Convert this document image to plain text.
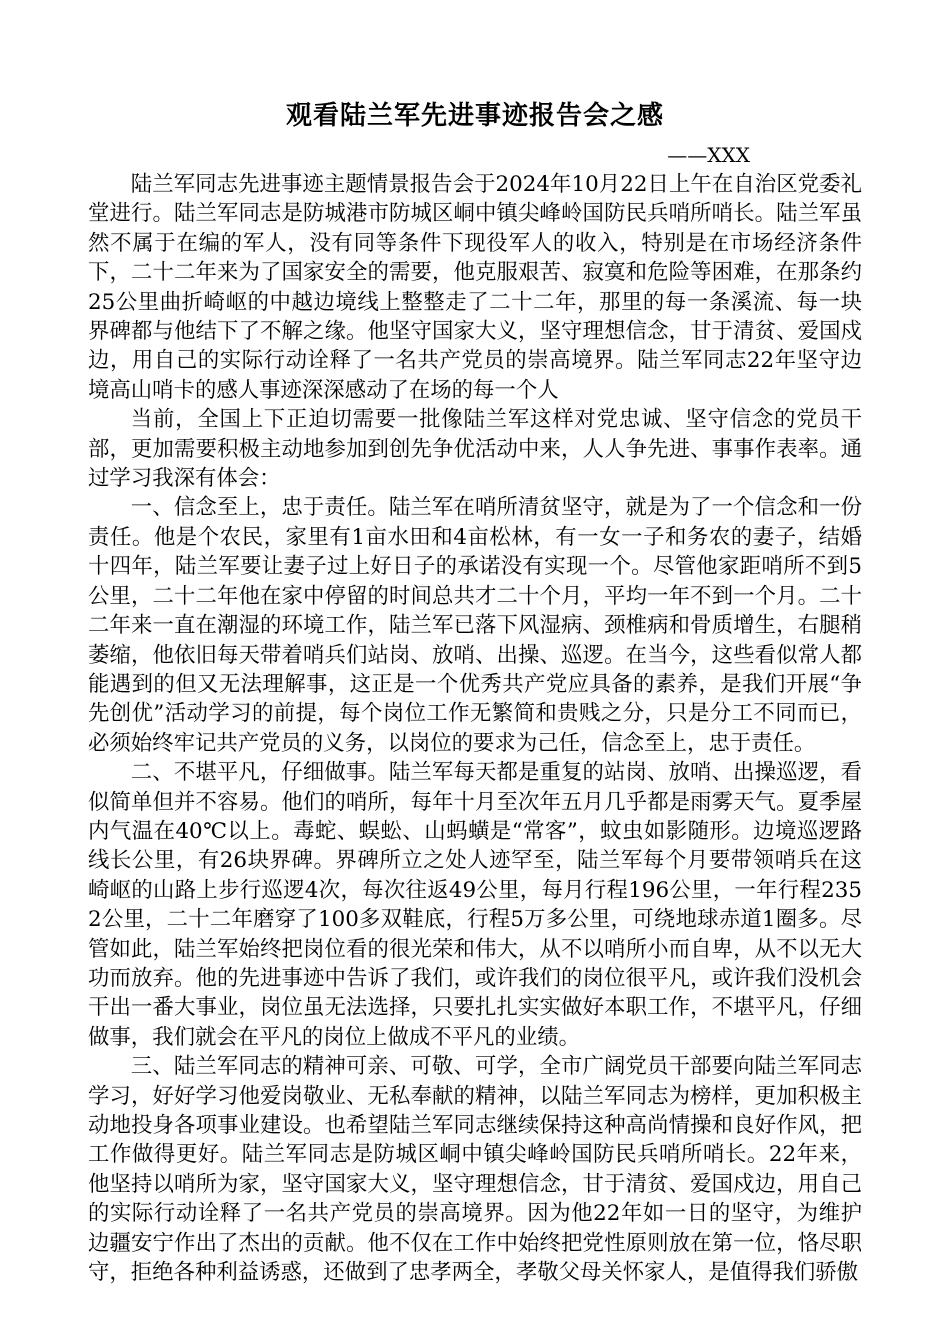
观看陆兰军先进事迹报告会之感
——XXX

陆兰军同志先进事迹主题情景报告会于2024年10月22日上午在自治区党委礼堂进行。陆兰军同志是防城港市防城区峒中镇尖峰岭国防民兵哨所哨长。陆兰军虽然不属于在编的军人，没有同等条件下现役军人的收入，特别是在市场经济条件下，二十二年来为了国家安全的需要，他克服艰苦、寂寞和危险等困难，在那条约25公里曲折崎岖的中越边境线上整整走了二十二年，那里的每一条溪流、每一块界碑都与他结下了不解之缘。他坚守国家大义，坚守理想信念，甘于清贫、爱国戍边，用自己的实际行动诠释了一名共产党员的崇高境界。陆兰军同志22年坚守边境高山哨卡的感人事迹深深感动了在场的每一个人

当前，全国上下正迫切需要一批像陆兰军这样对党忠诚、坚守信念的党员干部，更加需要积极主动地参加到创先争优活动中来，人人争先进、事事作表率。通过学习我深有体会：

一、信念至上，忠于责任。陆兰军在哨所清贫坚守，就是为了一个信念和一份责任。他是个农民，家里有1亩水田和4亩松林，有一女一子和务农的妻子，结婚十四年，陆兰军要让妻子过上好日子的承诺没有实现一个。尽管他家距哨所不到5公里，二十二年他在家中停留的时间总共才二十个月，平均一年不到一个月。二十二年来一直在潮湿的环境工作，陆兰军已落下风湿病、颈椎病和骨质增生，右腿稍萎缩，他依旧每天带着哨兵们站岗、放哨、出操、巡逻。在当今，这些看似常人都能遇到的但又无法理解事，这正是一个优秀共产党应具备的素养，是我们开展“争先创优”活动学习的前提，每个岗位工作无繁简和贵贱之分，只是分工不同而已，必须始终牢记共产党员的义务，以岗位的要求为己任，信念至上，忠于责任。

二、不堪平凡，仔细做事。陆兰军每天都是重复的站岗、放哨、出操巡逻，看似简单但并不容易。他们的哨所，每年十月至次年五月几乎都是雨雾天气。夏季屋内气温在40℃以上。毒蛇、蜈蚣、山蚂蟥是“常客”，蚊虫如影随形。边境巡逻路线长公里，有26块界碑。界碑所立之处人迹罕至，陆兰军每个月要带领哨兵在这崎岖的山路上步行巡逻4次，每次往返49公里，每月行程196公里，一年行程2352公里，二十二年磨穿了100多双鞋底，行程5万多公里，可绕地球赤道1圈多。尽管如此，陆兰军始终把岗位看的很光荣和伟大，从不以哨所小而自卑，从不以无大功而放弃。他的先进事迹中告诉了我们，或许我们的岗位很平凡，或许我们没机会干出一番大事业，岗位虽无法选择，只要扎扎实实做好本职工作，不堪平凡，仔细做事，我们就会在平凡的岗位上做成不平凡的业绩。

三、陆兰军同志的精神可亲、可敬、可学，全市广阔党员干部要向陆兰军同志学习，好好学习他爱岗敬业、无私奉献的精神，以陆兰军同志为榜样，更加积极主动地投身各项事业建设。也希望陆兰军同志继续保持这种高尚情操和良好作风，把工作做得更好。陆兰军同志是防城区峒中镇尖峰岭国防民兵哨所哨长。22年来，他坚持以哨所为家，坚守国家大义，坚守理想信念，甘于清贫、爱国戍边，用自己的实际行动诠释了一名共产党员的崇高境界。因为他22年如一日的坚守，为维护边疆安宁作出了杰出的贡献。他不仅在工作中始终把党性原则放在第一位，恪尽职守，拒绝各种利益诱惑，还做到了忠孝两全，孝敬父母关怀家人，是值得我们骄傲
